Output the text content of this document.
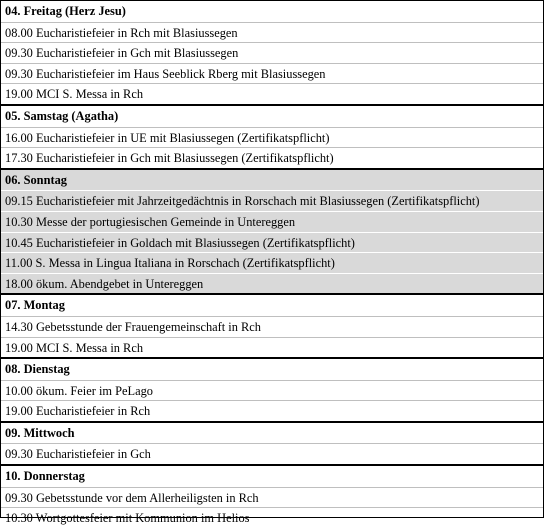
04. Freitag (Herz Jesu)
08.00 Eucharistiefeier in Rch mit Blasiussegen
09.30 Eucharistiefeier in Gch mit Blasiussegen
09.30 Eucharistiefeier im Haus Seeblick Rberg mit Blasiussegen
19.00 MCI S. Messa in Rch
05. Samstag (Agatha)
16.00 Eucharistiefeier in UE mit Blasiussegen (Zertifikatspflicht)
17.30 Eucharistiefeier in Gch mit Blasiussegen (Zertifikatspflicht)
06. Sonntag
09.15 Eucharistiefeier mit Jahrzeitgedächtnis in Rorschach mit Blasiussegen (Zertifikatspflicht)
10.30 Messe der portugiesischen Gemeinde in Untereggen
10.45 Eucharistiefeier in Goldach mit Blasiussegen (Zertifikatspflicht)
11.00 S. Messa in Lingua Italiana in Rorschach (Zertifikatspflicht)
18.00 ökum. Abendgebet in Untereggen
07. Montag
14.30 Gebetsstunde der Frauengemeinschaft in Rch
19.00 MCI S. Messa in Rch
08. Dienstag
10.00 ökum. Feier im PeLago
19.00 Eucharistiefeier in Rch
09. Mittwoch
09.30 Eucharistiefeier in Gch
10. Donnerstag
09.30 Gebetsstunde vor dem Allerheiligsten in Rch
10.30 Wortgottesfeier mit Kommunion im Helios
